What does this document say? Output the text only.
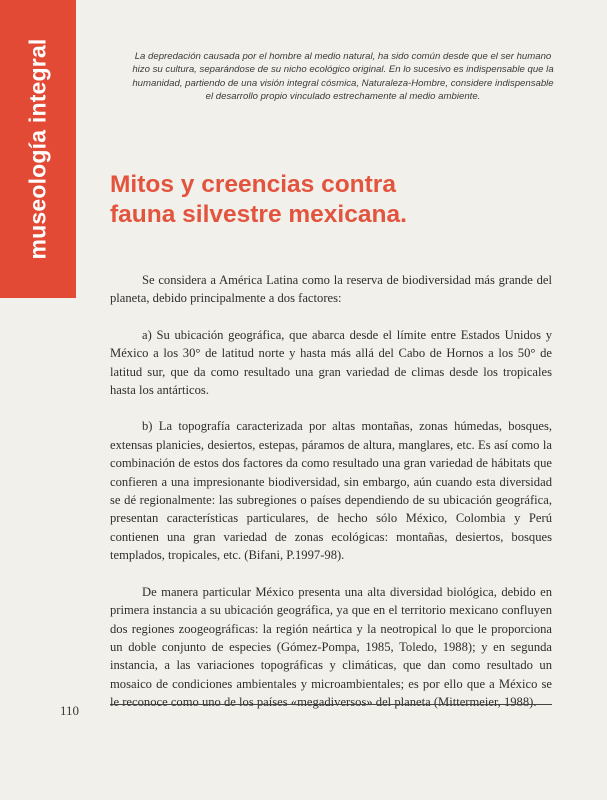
museología integral	La depredación causada por el hombre al medio natural, ha sido común desde que el ser humano hizo su cultura, separándose de su nicho ecológico original. En lo sucesivo es indispensable que la humanidad, partiendo de una visión integral cósmica, Naturaleza-Hombre, considere indispensable el desarrollo propio vinculado estrechamente al medio ambiente.
Mitos y creencias contra
fauna silvestre mexicana.

Se considera a América Latina como la reserva de biodiversidad más grande del planeta, debido principalmente a dos factores:

a) Su ubicación geográfica, que abarca desde el límite entre Estados Unidos y México a los 30° de latitud norte y hasta más allá del Cabo de Hornos a los 50° de latitud sur, que da como resultado una gran variedad de climas desde los tropicales hasta los antárticos.

b) La topografía caracterizada por altas montañas, zonas húmedas, bosques, extensas planicies, desiertos, estepas, páramos de altura, manglares, etc. Es así como la combinación de estos dos factores da como resultado una gran variedad de hábitats que confieren a una impresionante biodiversidad, sin embargo, aún cuando esta diversidad se dé regionalmente: las subregiones o países dependiendo de su ubicación geográfica, presentan características particulares, de hecho sólo México, Colombia y Perú contienen una gran variedad de zonas ecológicas: montañas, desiertos, bosques templados, tropicales, etc. (Bifani, P.1997-98).

De manera particular México presenta una alta diversidad biológica, debido en primera instancia a su ubicación geográfica, ya que en el territorio mexicano confluyen dos regiones zoogeográficas: la región neártica y la neotropical lo que le proporciona un doble conjunto de especies (Gómez-Pompa, 1985, Toledo, 1988); y en segunda instancia, a las variaciones topográficas y climáticas, que dan como resultado un mosaico de condiciones ambientales y microambientales; es por ello que a México se le reconoce como uno de los países «megadiversos» del planeta (Mittermeier, 1988).

110
